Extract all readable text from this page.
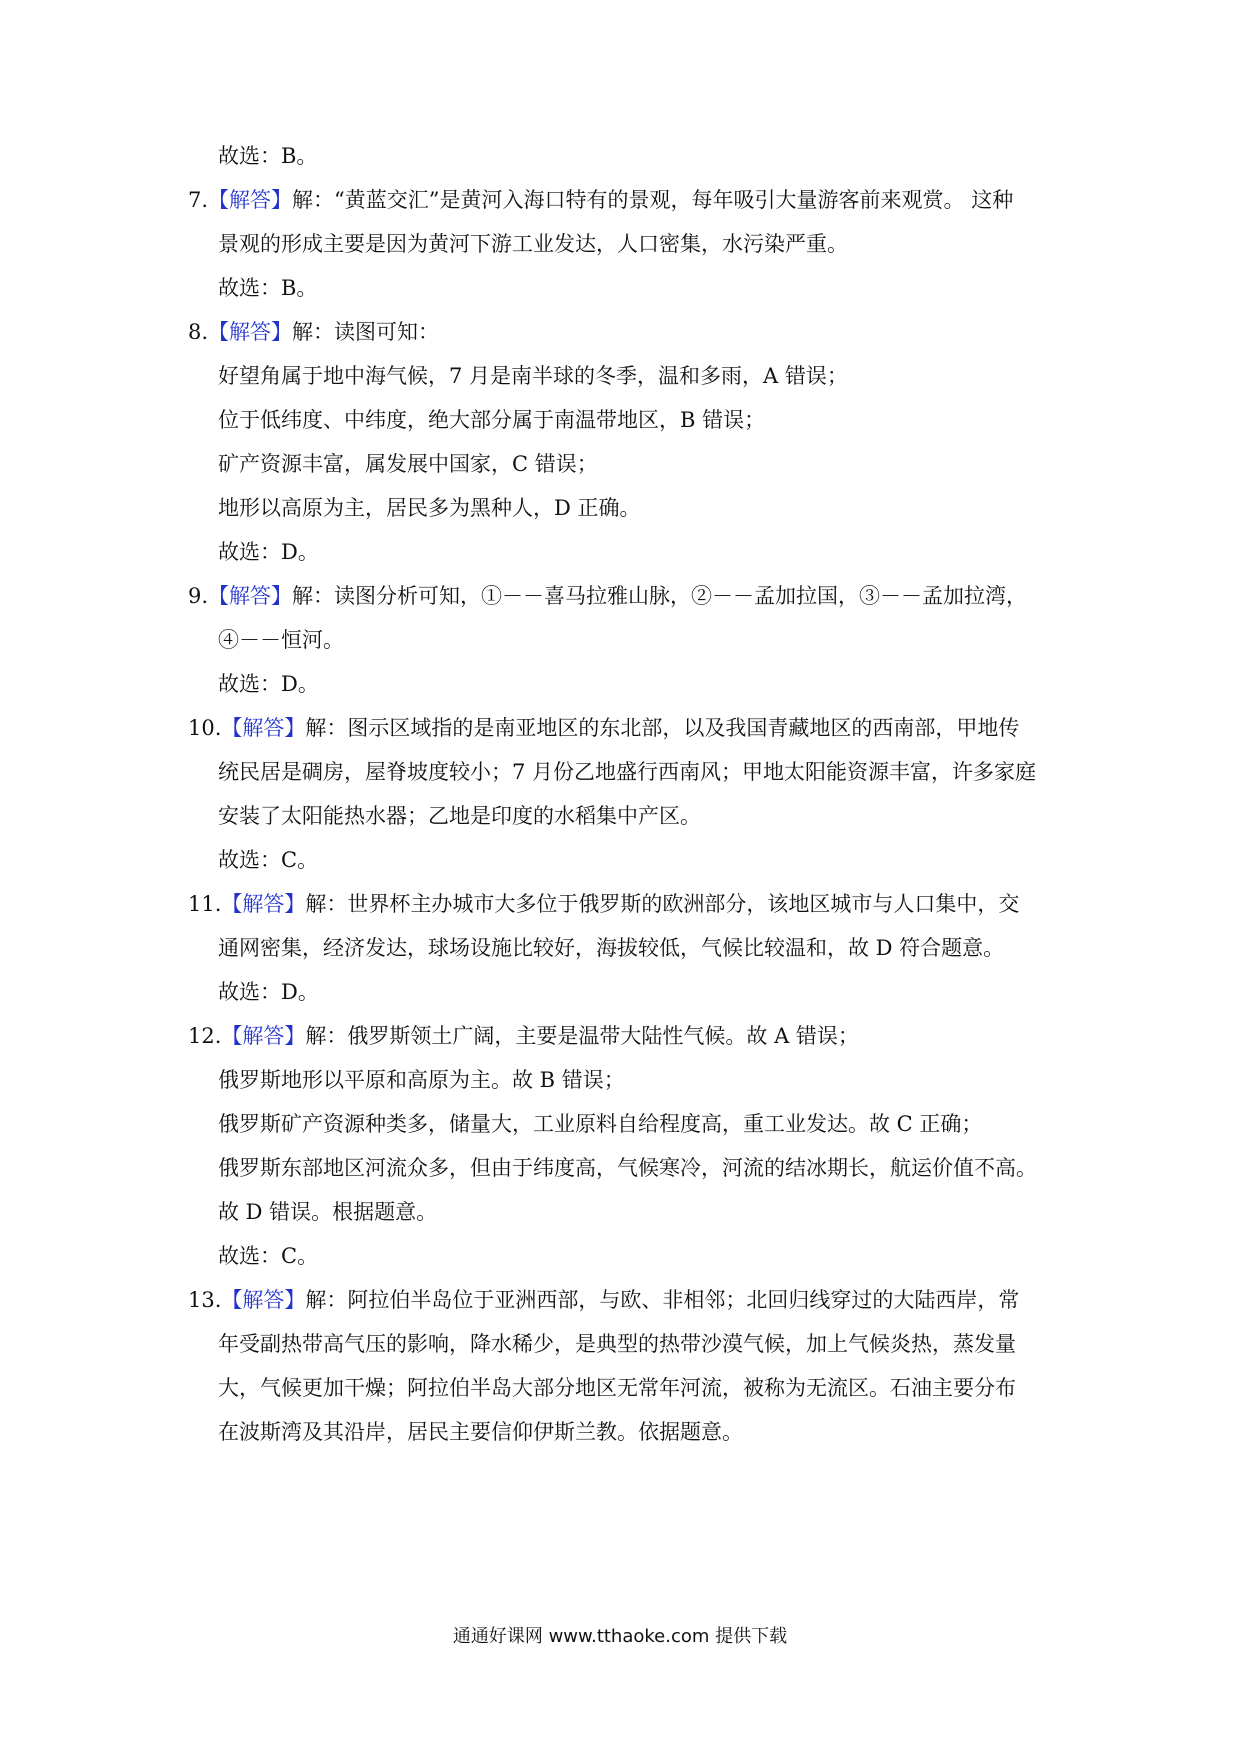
故选：B。
7.【解答】解：“黄蓝交汇”是黄河入海口特有的景观，每年吸引大量游客前来观赏。 这种
景观的形成主要是因为黄河下游工业发达，人口密集，水污染严重。
故选：B。
8.【解答】解：读图可知：
好望角属于地中海气候，7 月是南半球的冬季，温和多雨，A 错误；
位于低纬度、中纬度，绝大部分属于南温带地区，B 错误；
矿产资源丰富，属发展中国家，C 错误；
地形以高原为主，居民多为黑种人，D 正确。
故选：D。
9.【解答】解：读图分析可知，①－－喜马拉雅山脉，②－－孟加拉国，③－－孟加拉湾，
④－－恒河。
故选：D。
10.【解答】解：图示区域指的是南亚地区的东北部，以及我国青藏地区的西南部，甲地传
统民居是碉房，屋脊坡度较小；7 月份乙地盛行西南风；甲地太阳能资源丰富，许多家庭
安装了太阳能热水器；乙地是印度的水稻集中产区。
故选：C。
11.【解答】解：世界杯主办城市大多位于俄罗斯的欧洲部分，该地区城市与人口集中，交
通网密集，经济发达，球场设施比较好，海拔较低，气候比较温和，故 D 符合题意。
故选：D。
12.【解答】解：俄罗斯领土广阔，主要是温带大陆性气候。故 A 错误；
俄罗斯地形以平原和高原为主。故 B 错误；
俄罗斯矿产资源种类多，储量大，工业原料自给程度高，重工业发达。故 C 正确；
俄罗斯东部地区河流众多，但由于纬度高，气候寒冷，河流的结冰期长，航运价值不高。
故 D 错误。根据题意。
故选：C。
13.【解答】解：阿拉伯半岛位于亚洲西部，与欧、非相邻；北回归线穿过的大陆西岸，常
年受副热带高气压的影响，降水稀少，是典型的热带沙漠气候，加上气候炎热，蒸发量
大，气候更加干燥；阿拉伯半岛大部分地区无常年河流，被称为无流区。石油主要分布
在波斯湾及其沿岸，居民主要信仰伊斯兰教。依据题意。
通通好课网 www.tthaoke.com 提供下载
